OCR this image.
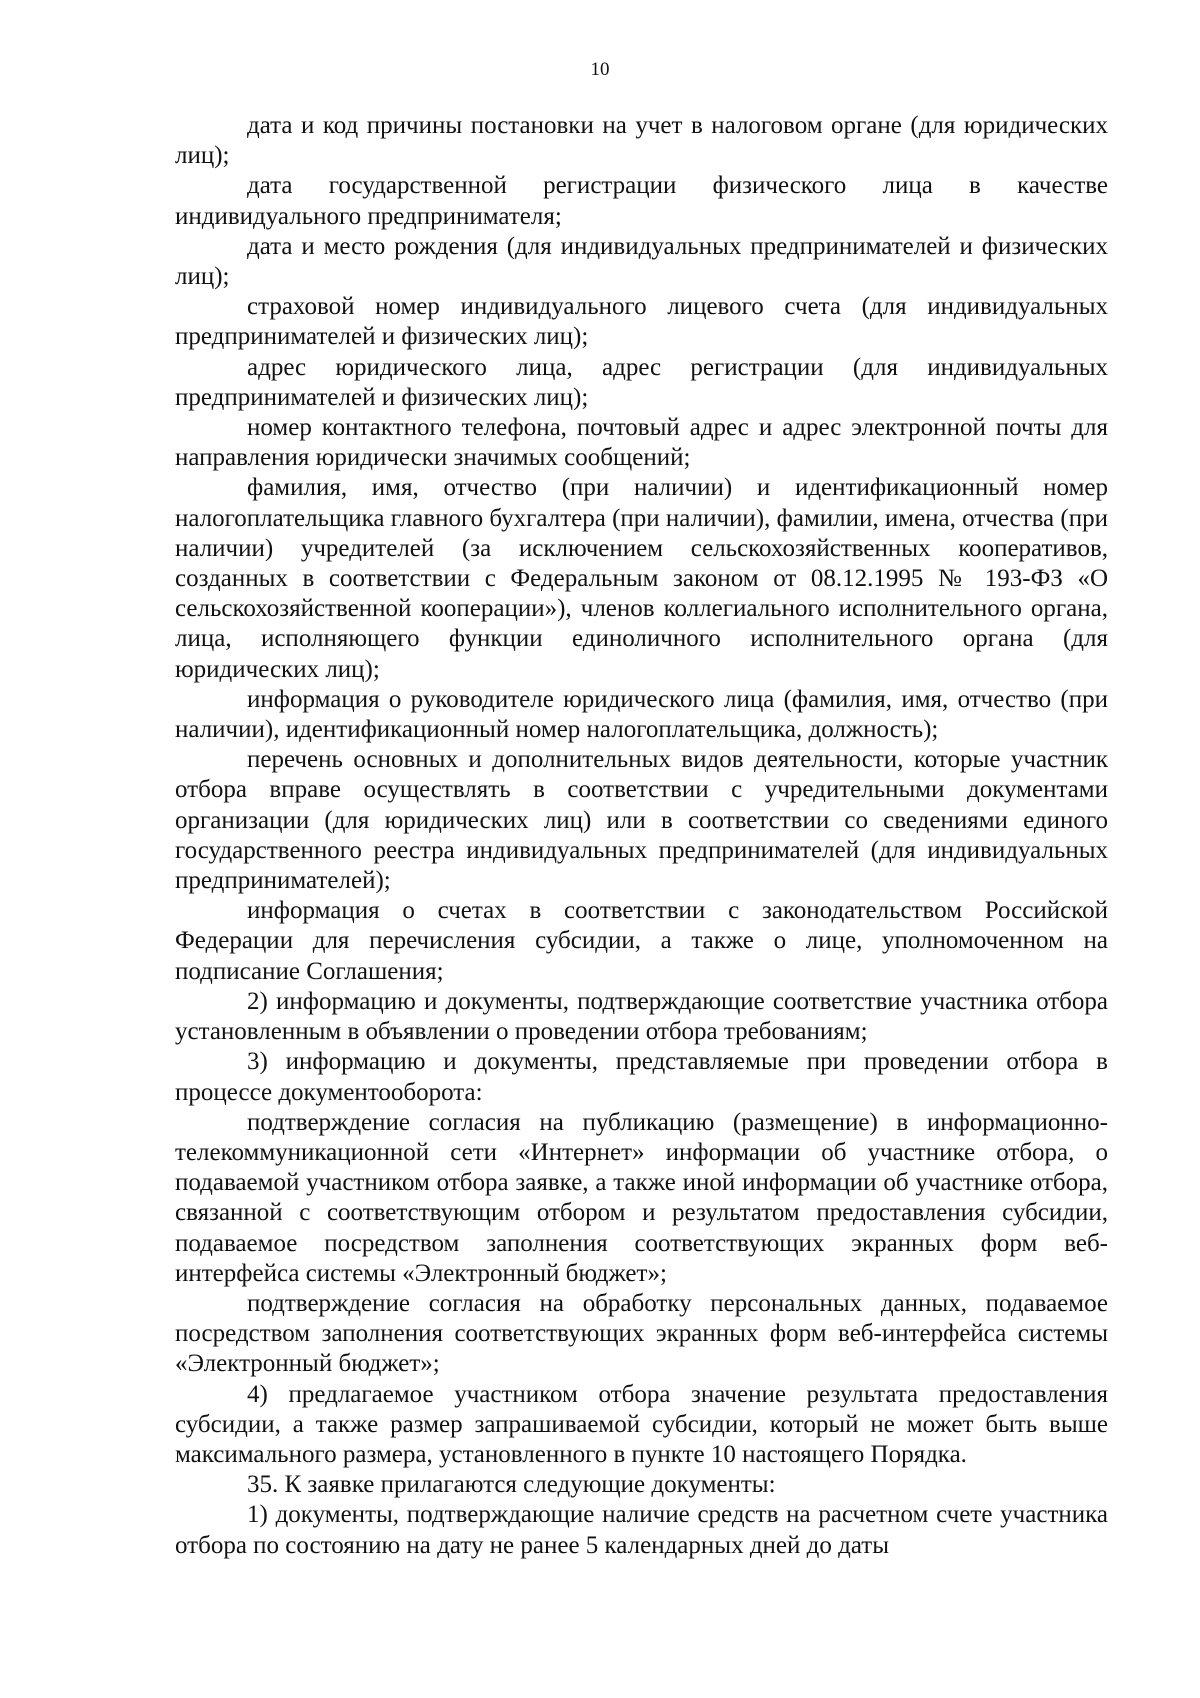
10

дата и код причины постановки на учет в налоговом органе (для юридических лиц);

дата государственной регистрации физического лица в качестве индивидуального предпринимателя;

дата и место рождения (для индивидуальных предпринимателей и физических лиц);

страховой номер индивидуального лицевого счета (для индивидуальных предпринимателей и физических лиц);

адрес юридического лица, адрес регистрации (для индивидуальных предпринимателей и физических лиц);

номер контактного телефона, почтовый адрес и адрес электронной почты для направления юридически значимых сообщений;

фамилия, имя, отчество (при наличии) и идентификационный номер налогоплательщика главного бухгалтера (при наличии), фамилии, имена, отчества (при наличии) учредителей (за исключением сельскохозяйственных кооперативов, созданных в соответствии с Федеральным законом от 08.12.1995 № 193-ФЗ «О сельскохозяйственной кооперации»), членов коллегиального исполнительного органа, лица, исполняющего функции единоличного исполнительного органа (для юридических лиц);

информация о руководителе юридического лица (фамилия, имя, отчество (при наличии), идентификационный номер налогоплательщика, должность);

перечень основных и дополнительных видов деятельности, которые участник отбора вправе осуществлять в соответствии с учредительными документами организации (для юридических лиц) или в соответствии со сведениями единого государственного реестра индивидуальных предпринимателей (для индивидуальных предпринимателей);

информация о счетах в соответствии с законодательством Российской Федерации для перечисления субсидии, а также о лице, уполномоченном на подписание Соглашения;

2) информацию и документы, подтверждающие соответствие участника отбора установленным в объявлении о проведении отбора требованиям;

3) информацию и документы, представляемые при проведении отбора в процессе документооборота:

подтверждение согласия на публикацию (размещение) в информационно-телекоммуникационной сети «Интернет» информации об участнике отбора, о подаваемой участником отбора заявке, а также иной информации об участнике отбора, связанной с соответствующим отбором и результатом предоставления субсидии, подаваемое посредством заполнения соответствующих экранных форм веб-интерфейса системы «Электронный бюджет»;

подтверждение согласия на обработку персональных данных, подаваемое посредством заполнения соответствующих экранных форм веб-интерфейса системы «Электронный бюджет»;

4) предлагаемое участником отбора значение результата предоставления субсидии, а также размер запрашиваемой субсидии, который не может быть выше максимального размера, установленного в пункте 10 настоящего Порядка.

35. К заявке прилагаются следующие документы:

1) документы, подтверждающие наличие средств на расчетном счете участника отбора по состоянию на дату не ранее 5 календарных дней до даты
